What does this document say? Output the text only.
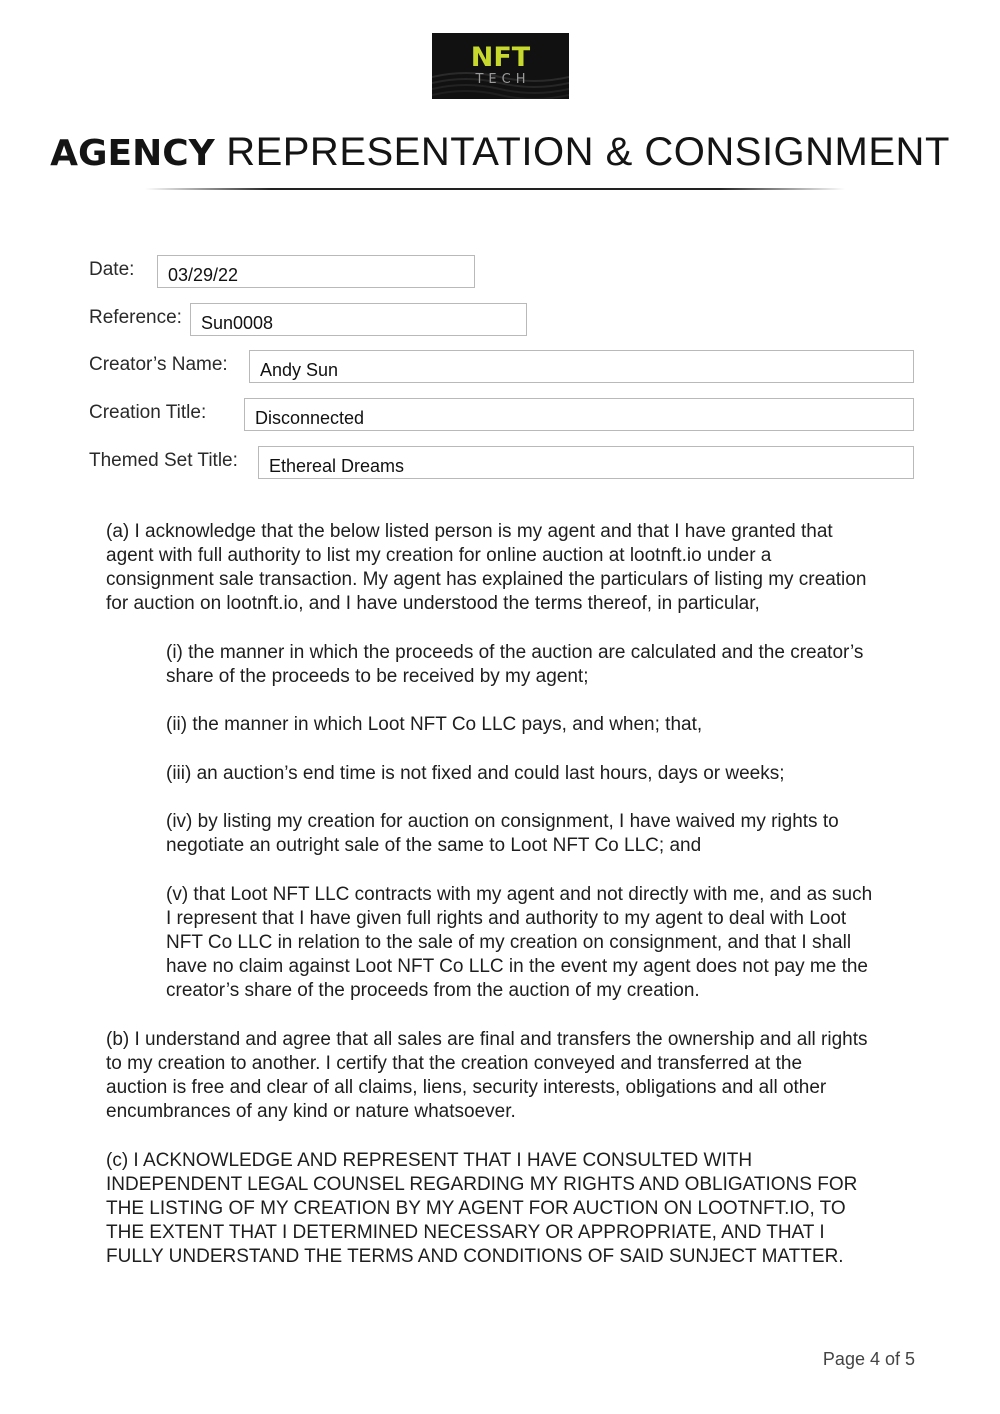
NFT
TECH
AGENCY REPRESENTATION & CONSIGNMENT
Date:	03/29/22
Reference:	Sun0008
Creator’s Name:	Andy Sun
Creation Title:	Disconnected
Themed Set Title:	Ethereal Dreams
(a) I acknowledge that the below listed person is my agent and that I have granted that
agent with full authority to list my creation for online auction at lootnft.io under a
consignment sale transaction. My agent has explained the particulars of listing my creation
for auction on lootnft.io, and I have understood the terms thereof, in particular,
(i) the manner in which the proceeds of the auction are calculated and the creator’s
share of the proceeds to be received by my agent;
(ii) the manner in which Loot NFT Co LLC pays, and when; that,
(iii) an auction’s end time is not fixed and could last hours, days or weeks;
(iv) by listing my creation for auction on consignment, I have waived my rights to
negotiate an outright sale of the same to Loot NFT Co LLC; and
(v) that Loot NFT LLC contracts with my agent and not directly with me, and as such
I represent that I have given full rights and authority to my agent to deal with Loot
NFT Co LLC in relation to the sale of my creation on consignment, and that I shall
have no claim against Loot NFT Co LLC in the event my agent does not pay me the
creator’s share of the proceeds from the auction of my creation.
(b) I understand and agree that all sales are final and transfers the ownership and all rights
to my creation to another. I certify that the creation conveyed and transferred at the
auction is free and clear of all claims, liens, security interests, obligations and all other
encumbrances of any kind or nature whatsoever.
(c) I ACKNOWLEDGE AND REPRESENT THAT I HAVE CONSULTED WITH
INDEPENDENT LEGAL COUNSEL REGARDING MY RIGHTS AND OBLIGATIONS FOR
THE LISTING OF MY CREATION BY MY AGENT FOR AUCTION ON LOOTNFT.IO, TO
THE EXTENT THAT I DETERMINED NECESSARY OR APPROPRIATE, AND THAT I
FULLY UNDERSTAND THE TERMS AND CONDITIONS OF SAID SUNJECT MATTER.
Page 4 of 5
